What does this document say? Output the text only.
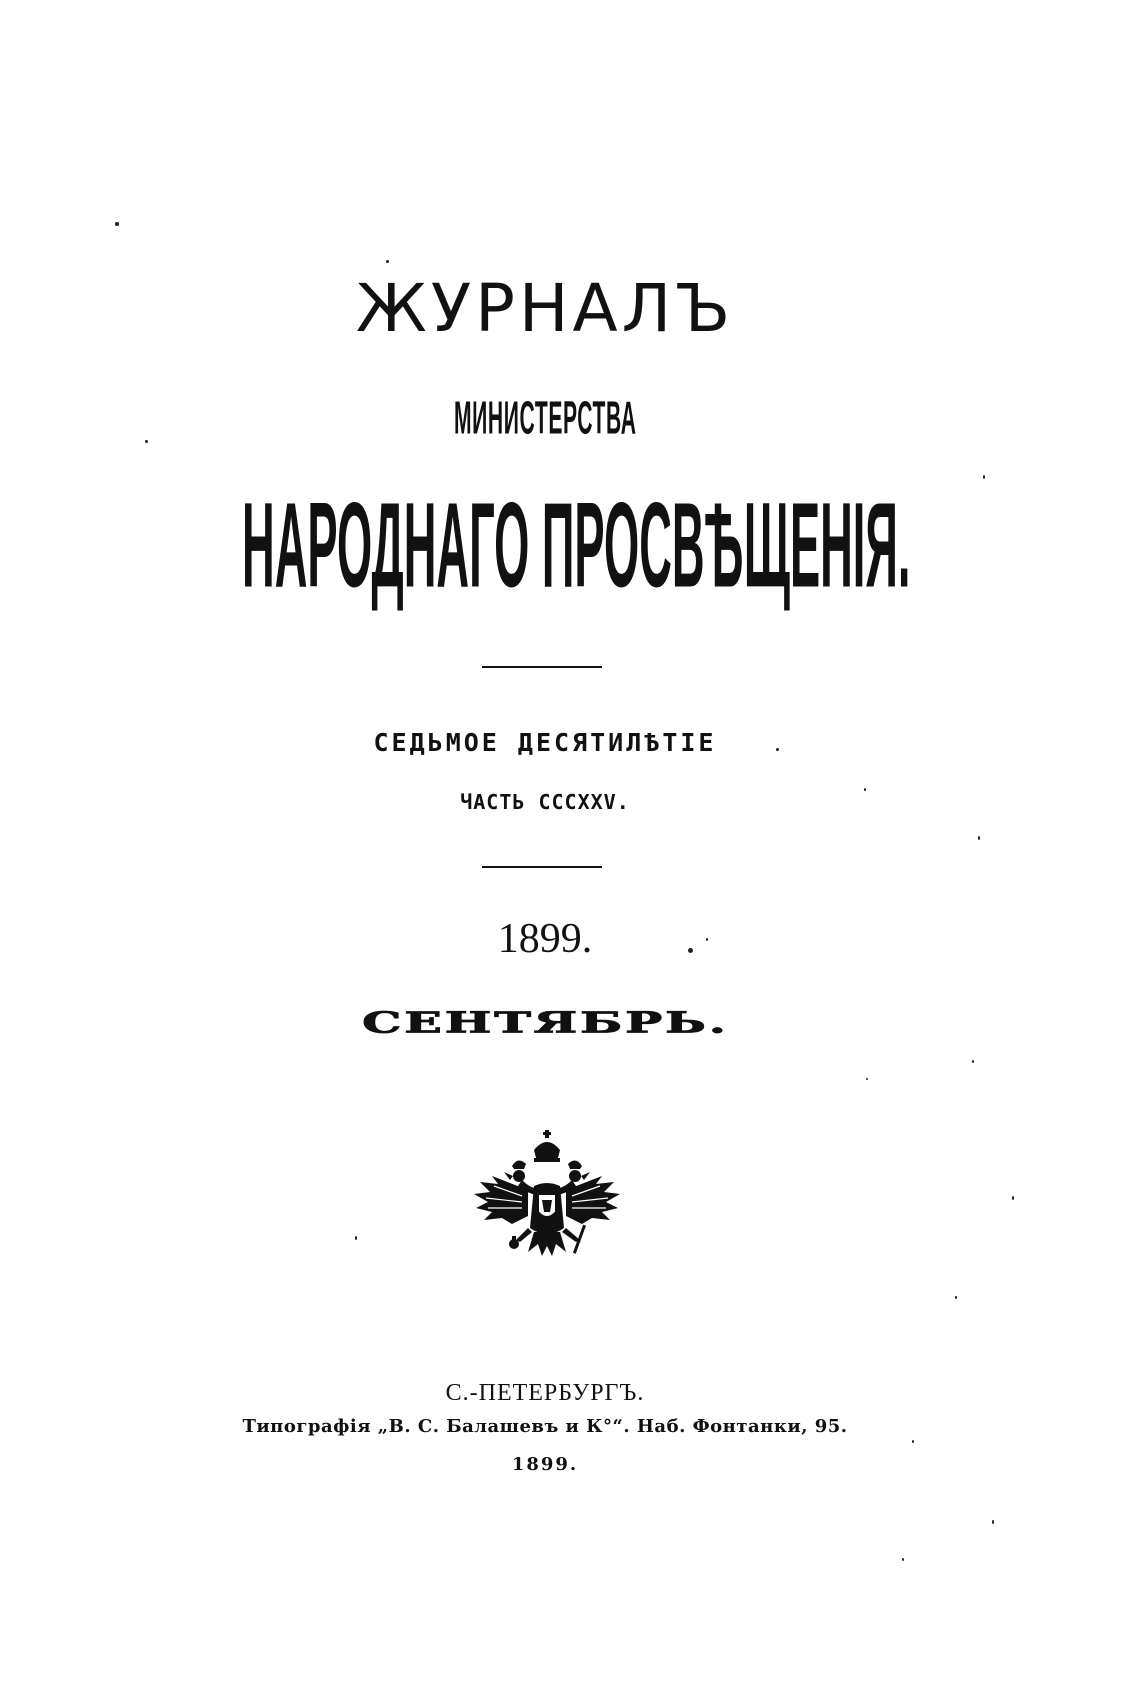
ЖУРНАЛЪ
МИНИСТЕРСТВА
НАРОДНАГО ПРОСВѢЩЕНІЯ.
СЕДЬМОЕ ДЕСЯТИЛѢТІЕ
ЧАСТЬ CCCXXV.
1899.
СЕНТЯБРЬ.
С.-ПЕТЕРБУРГЪ.
Типографія „В. С. Балашевъ и К°“. Наб. Фонтанки, 95.
1899.
